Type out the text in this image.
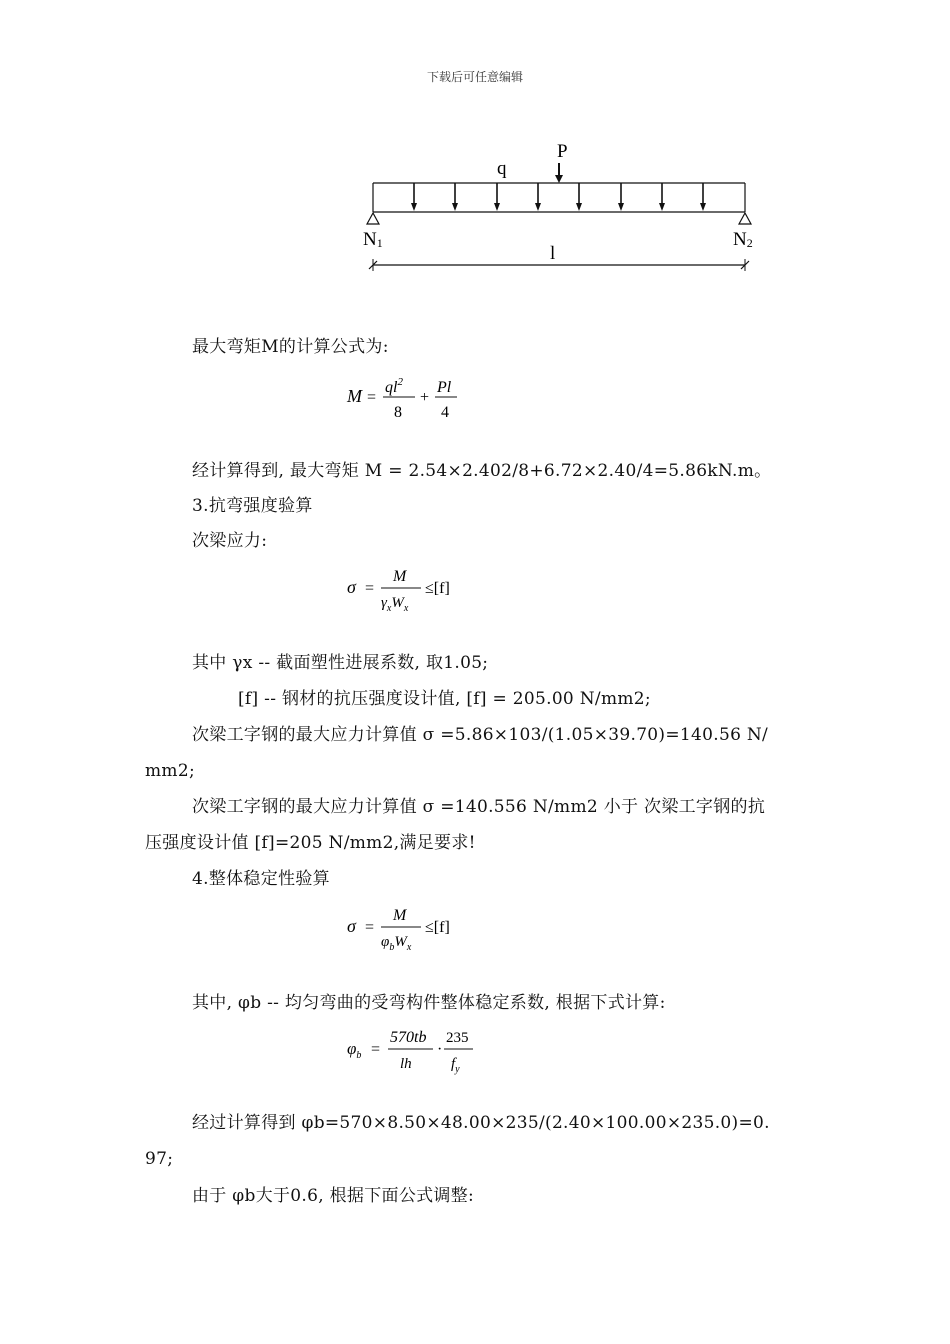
下载后可任意编辑
P
q
N1	N2
l
最大弯矩M的计算公式为:
M =
$ql^2$
8
+
Pl
4
经计算得到, 最大弯矩 M = 2.54×2.402/8+6.72×2.40/4=5.86kN.m。
3.抗弯强度验算
次梁应力:
σ =
M
$\gamma_xW_x$
≤[f]
其中 γx -- 截面塑性进展系数, 取1.05;
[f] -- 钢材的抗压强度设计值, [f] = 205.00 N/mm2;
次梁工字钢的最大应力计算值 σ =5.86×103/(1.05×39.70)=140.56 N/
mm2;
次梁工字钢的最大应力计算值 σ =140.556 N/mm2 小于 次梁工字钢的抗
压强度设计值 [f]=205 N/mm2,满足要求!
4.整体稳定性验算
σ =
M
$\varphi_bW_x$
≤[f]
其中, φb -- 均匀弯曲的受弯构件整体稳定系数, 根据下式计算:
$\varphi_b$ =
570tb
lh
·
235
$f_y$
经过计算得到 φb=570×8.50×48.00×235/(2.40×100.00×235.0)=0.
97;
由于 φb大于0.6, 根据下面公式调整:
